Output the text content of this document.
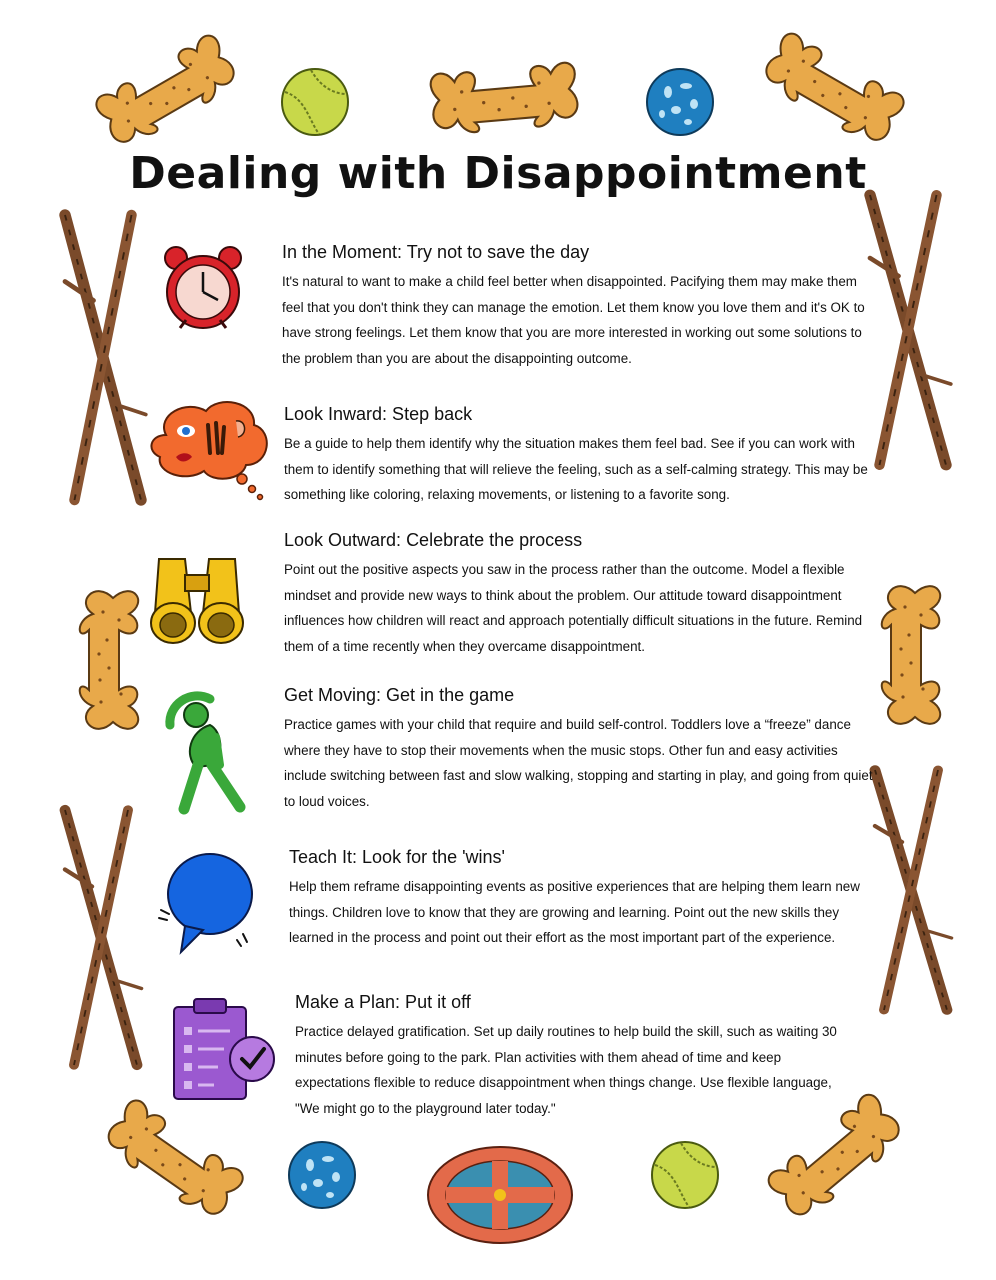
Dealing with Disappointment
In the Moment: Try not to save the day

It's natural to want to make a child feel better when disappointed. Pacifying them may make them feel that you don't think they can manage the emotion. Let them know you love them and it's OK to have strong feelings. Let them know that you are more interested in working out some solutions to the problem than you are about the disappointing outcome.

Look Inward: Step back

Be a guide to help them identify why the situation makes them feel bad. See if you can work with them to identify something that will relieve the feeling, such as a self-calming strategy. This may be something like coloring, relaxing movements, or listening to a favorite song.

Look Outward: Celebrate the process

Point out the positive aspects you saw in the process rather than the outcome. Model a flexible mindset and provide new ways to think about the problem. Our attitude toward disappointment influences how children will react and approach potentially difficult situations in the future. Remind them of a time recently when they overcame disappointment.

Get Moving: Get in the game

Practice games with your child that require and build self-control. Toddlers love a “freeze” dance where they have to stop their movements when the music stops. Other fun and easy activities include switching between fast and slow walking, stopping and starting in play, and going from quiet to loud voices.

Teach It: Look for the 'wins'

Help them reframe disappointing events as positive experiences that are helping them learn new things. Children love to know that they are growing and learning. Point out the new skills they learned in the process and point out their effort as the most important part of the experience.

Make a Plan: Put it off

Practice delayed gratification. Set up daily routines to help build the skill, such as waiting 30 minutes before going to the park. Plan activities with them ahead of time and keep expectations flexible to reduce disappointment when things change. Use flexible language, "We might go to the playground later today."
